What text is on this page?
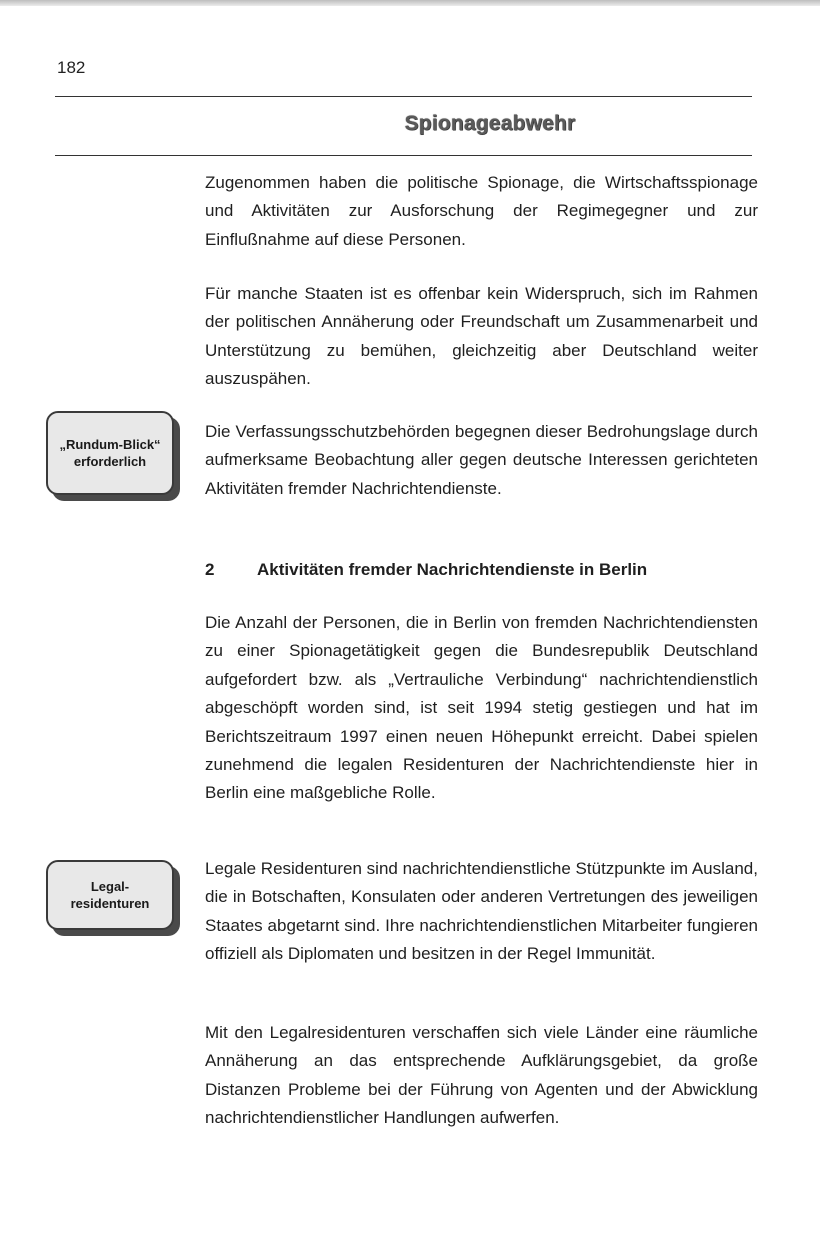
182
Spionageabwehr

Zugenommen haben die politische Spionage, die Wirtschaftsspionage und Aktivitäten zur Ausforschung der Regimegegner und zur Einflußnahme auf diese Personen.

Für manche Staaten ist es offenbar kein Widerspruch, sich im Rahmen der politischen Annäherung oder Freundschaft um Zusammenarbeit und Unterstützung zu bemühen, gleichzeitig aber Deutschland weiter auszuspähen.

„Rundum-Blick“ erforderlich

Die Verfassungsschutzbehörden begegnen dieser Bedrohungslage durch aufmerksame Beobachtung aller gegen deutsche Interessen gerichteten Aktivitäten fremder Nachrichtendienste.

2	Aktivitäten fremder Nachrichtendienste in Berlin

Die Anzahl der Personen, die in Berlin von fremden Nachrichtendiensten zu einer Spionagetätigkeit gegen die Bundesrepublik Deutschland aufgefordert bzw. als „Vertrauliche Verbindung“ nachrichtendienstlich abgeschöpft worden sind, ist seit 1994 stetig gestiegen und hat im Berichtszeitraum 1997 einen neuen Höhepunkt erreicht. Dabei spielen zunehmend die legalen Residenturen der Nachrichtendienste hier in Berlin eine maßgebliche Rolle.

Legal-residenturen

Legale Residenturen sind nachrichtendienstliche Stützpunkte im Ausland, die in Botschaften, Konsulaten oder anderen Vertretungen des jeweiligen Staates abgetarnt sind. Ihre nachrichtendienstlichen Mitarbeiter fungieren offiziell als Diplomaten und besitzen in der Regel Immunität.

Mit den Legalresidenturen verschaffen sich viele Länder eine räumliche Annäherung an das entsprechende Aufklärungsgebiet, da große Distanzen Probleme bei der Führung von Agenten und der Abwicklung nachrichtendienstlicher Handlungen aufwerfen.
